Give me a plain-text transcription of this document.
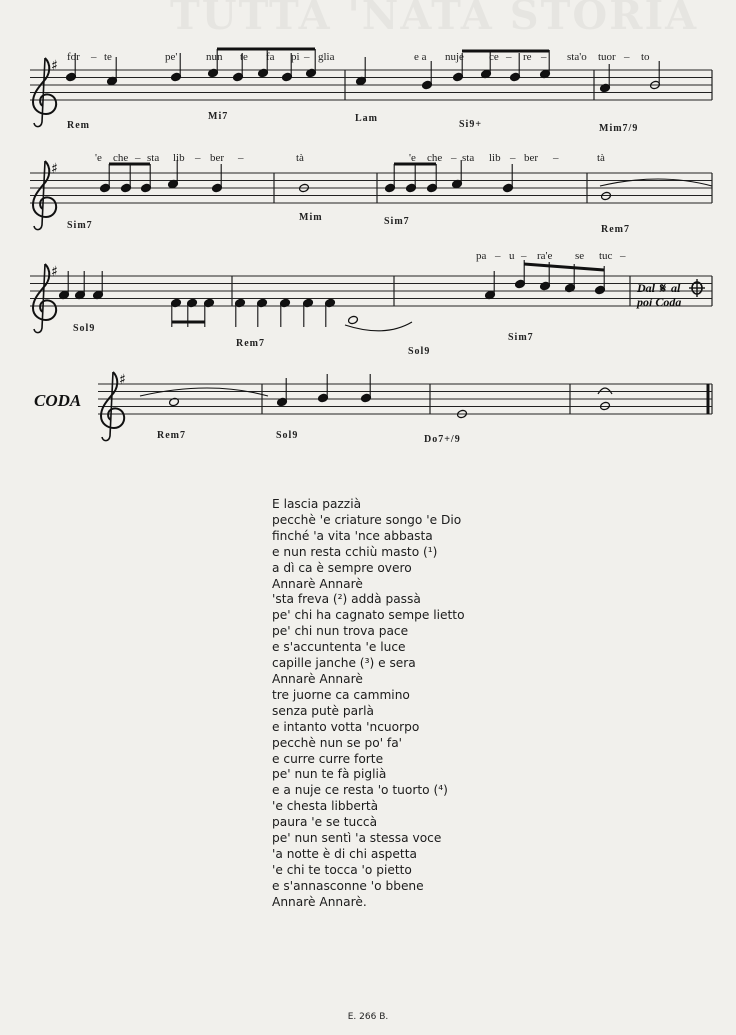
♯
♯
♯
♯
for – te	pe'	nun te fa pi – glia	e a nuje ce – re – sta'o tuor – to
Rem
Mi7	Lam
Si9+	Mim7/9
'e che – sta lib – ber –	tà	'e che – sta lib – ber –	tà
Sim7
Mim	Sim7
Rem7
pa – u – ra'e se tuc –
Sol9
Rem7
Sol9
Sim7
Dal 𝄋 al
poi Coda
CODA
Rem7	Sol9	Do7+/9
E lascia pazzià
pecchè 'e criature songo 'e Dio
finché 'a vita 'nce abbasta
e nun resta cchiù masto (¹)
a dì ca è sempre overo
Annarè Annarè
'sta freva (²) addà passà
pe' chi ha cagnato sempe lietto
pe' chi nun trova pace
e s'accuntenta 'e luce
capille janche (³) e sera
Annarè Annarè
tre juorne ca cammino
senza putè parlà
e intanto votta 'ncuorpo
pecchè nun se po' fa'
e curre curre forte
pe' nun te fà piglià
e a nuje ce resta 'o tuorto (⁴)
'e chesta libbertà
paura 'e se tuccà
pe' nun sentì 'a stessa voce
'a notte è di chi aspetta
'e chi te tocca 'o pietto
e s'annasconne 'o bbene
Annarè Annarè.
E. 266 B.
